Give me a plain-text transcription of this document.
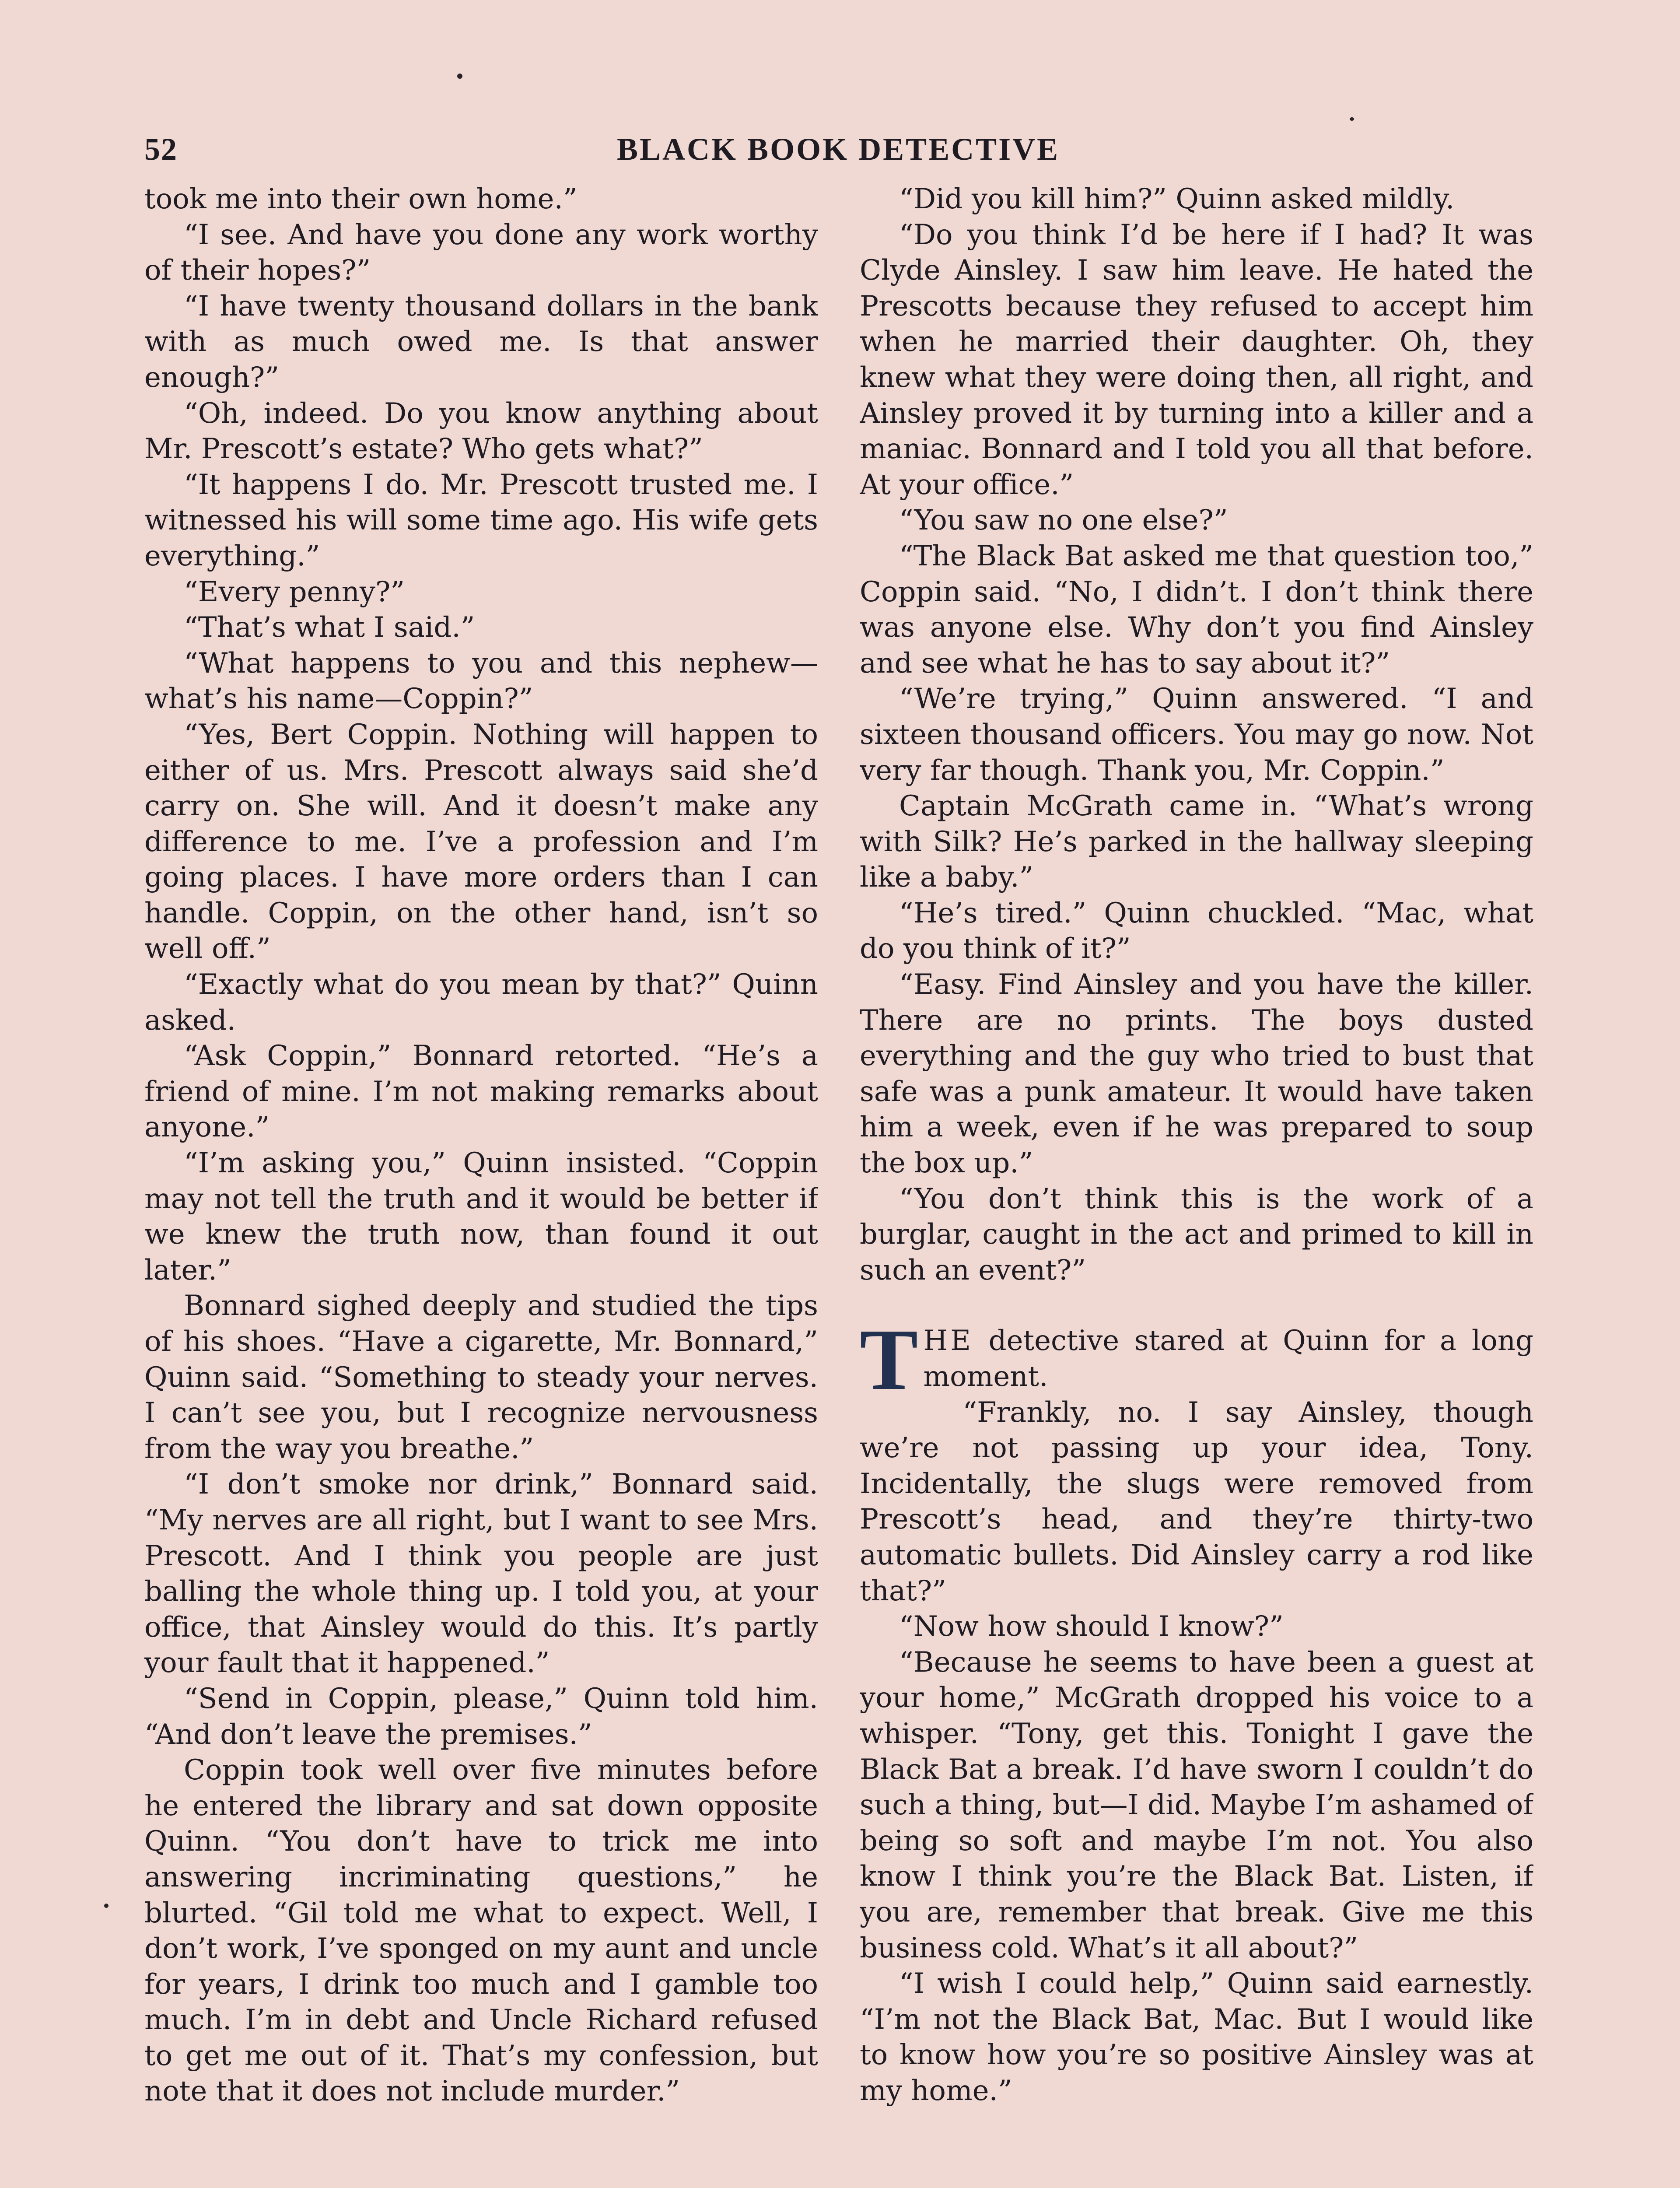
52	BLACK BOOK DETECTIVE

took me into their own home.”

“I see. And have you done any work worthy of their hopes?”

“I have twenty thousand dollars in the bank with as much owed me. Is that answer enough?”

“Oh, indeed. Do you know anything about Mr. Prescott’s estate? Who gets what?”

“It happens I do. Mr. Prescott trusted me. I witnessed his will some time ago. His wife gets everything.”

“Every penny?”

“That’s what I said.”

“What happens to you and this nephew—what’s his name—Coppin?”

“Yes, Bert Coppin. Nothing will happen to either of us. Mrs. Prescott always said she’d carry on. She will. And it doesn’t make any difference to me. I’ve a profession and I’m going places. I have more orders than I can handle. Coppin, on the other hand, isn’t so well off.”

“Exactly what do you mean by that?” Quinn asked.

“Ask Coppin,” Bonnard retorted. “He’s a friend of mine. I’m not making remarks about anyone.”

“I’m asking you,” Quinn insisted. “Coppin may not tell the truth and it would be better if we knew the truth now, than found it out later.”

Bonnard sighed deeply and studied the tips of his shoes. “Have a cigarette, Mr. Bonnard,” Quinn said. “Something to steady your nerves. I can’t see you, but I recognize nervousness from the way you breathe.”

“I don’t smoke nor drink,” Bonnard said. “My nerves are all right, but I want to see Mrs. Prescott. And I think you people are just balling the whole thing up. I told you, at your office, that Ainsley would do this. It’s partly your fault that it happened.”

“Send in Coppin, please,” Quinn told him. “And don’t leave the premises.”

Coppin took well over five minutes before he entered the library and sat down opposite Quinn. “You don’t have to trick me into answering incriminating questions,” he blurted. “Gil told me what to expect. Well, I don’t work, I’ve sponged on my aunt and uncle for years, I drink too much and I gamble too much. I’m in debt and Uncle Richard refused to get me out of it. That’s my confession, but note that it does not include murder.”

“Did you kill him?” Quinn asked mildly.

“Do you think I’d be here if I had? It was Clyde Ainsley. I saw him leave. He hated the Prescotts because they refused to accept him when he married their daughter. Oh, they knew what they were doing then, all right, and Ainsley proved it by turning into a killer and a maniac. Bonnard and I told you all that before. At your office.”

“You saw no one else?”

“The Black Bat asked me that question too,” Coppin said. “No, I didn’t. I don’t think there was anyone else. Why don’t you find Ainsley and see what he has to say about it?”

“We’re trying,” Quinn answered. “I and sixteen thousand officers. You may go now. Not very far though. Thank you, Mr. Coppin.”

Captain McGrath came in. “What’s wrong with Silk? He’s parked in the hallway sleeping like a baby.”

“He’s tired.” Quinn chuckled. “Mac, what do you think of it?”

“Easy. Find Ainsley and you have the killer. There are no prints. The boys dusted everything and the guy who tried to bust that safe was a punk amateur. It would have taken him a week, even if he was prepared to soup the box up.”

“You don’t think this is the work of a burglar, caught in the act and primed to kill in such an event?”

THE detective stared at Quinn for a long moment.

“Frankly, no. I say Ainsley, though we’re not passing up your idea, Tony. Incidentally, the slugs were removed from Prescott’s head, and they’re thirty-two automatic bullets. Did Ainsley carry a rod like that?”

“Now how should I know?”

“Because he seems to have been a guest at your home,” McGrath dropped his voice to a whisper. “Tony, get this. Tonight I gave the Black Bat a break. I’d have sworn I couldn’t do such a thing, but—I did. Maybe I’m ashamed of being so soft and maybe I’m not. You also know I think you’re the Black Bat. Listen, if you are, remember that break. Give me this business cold. What’s it all about?”

“I wish I could help,” Quinn said earnestly. “I’m not the Black Bat, Mac. But I would like to know how you’re so positive Ainsley was at my home.”
